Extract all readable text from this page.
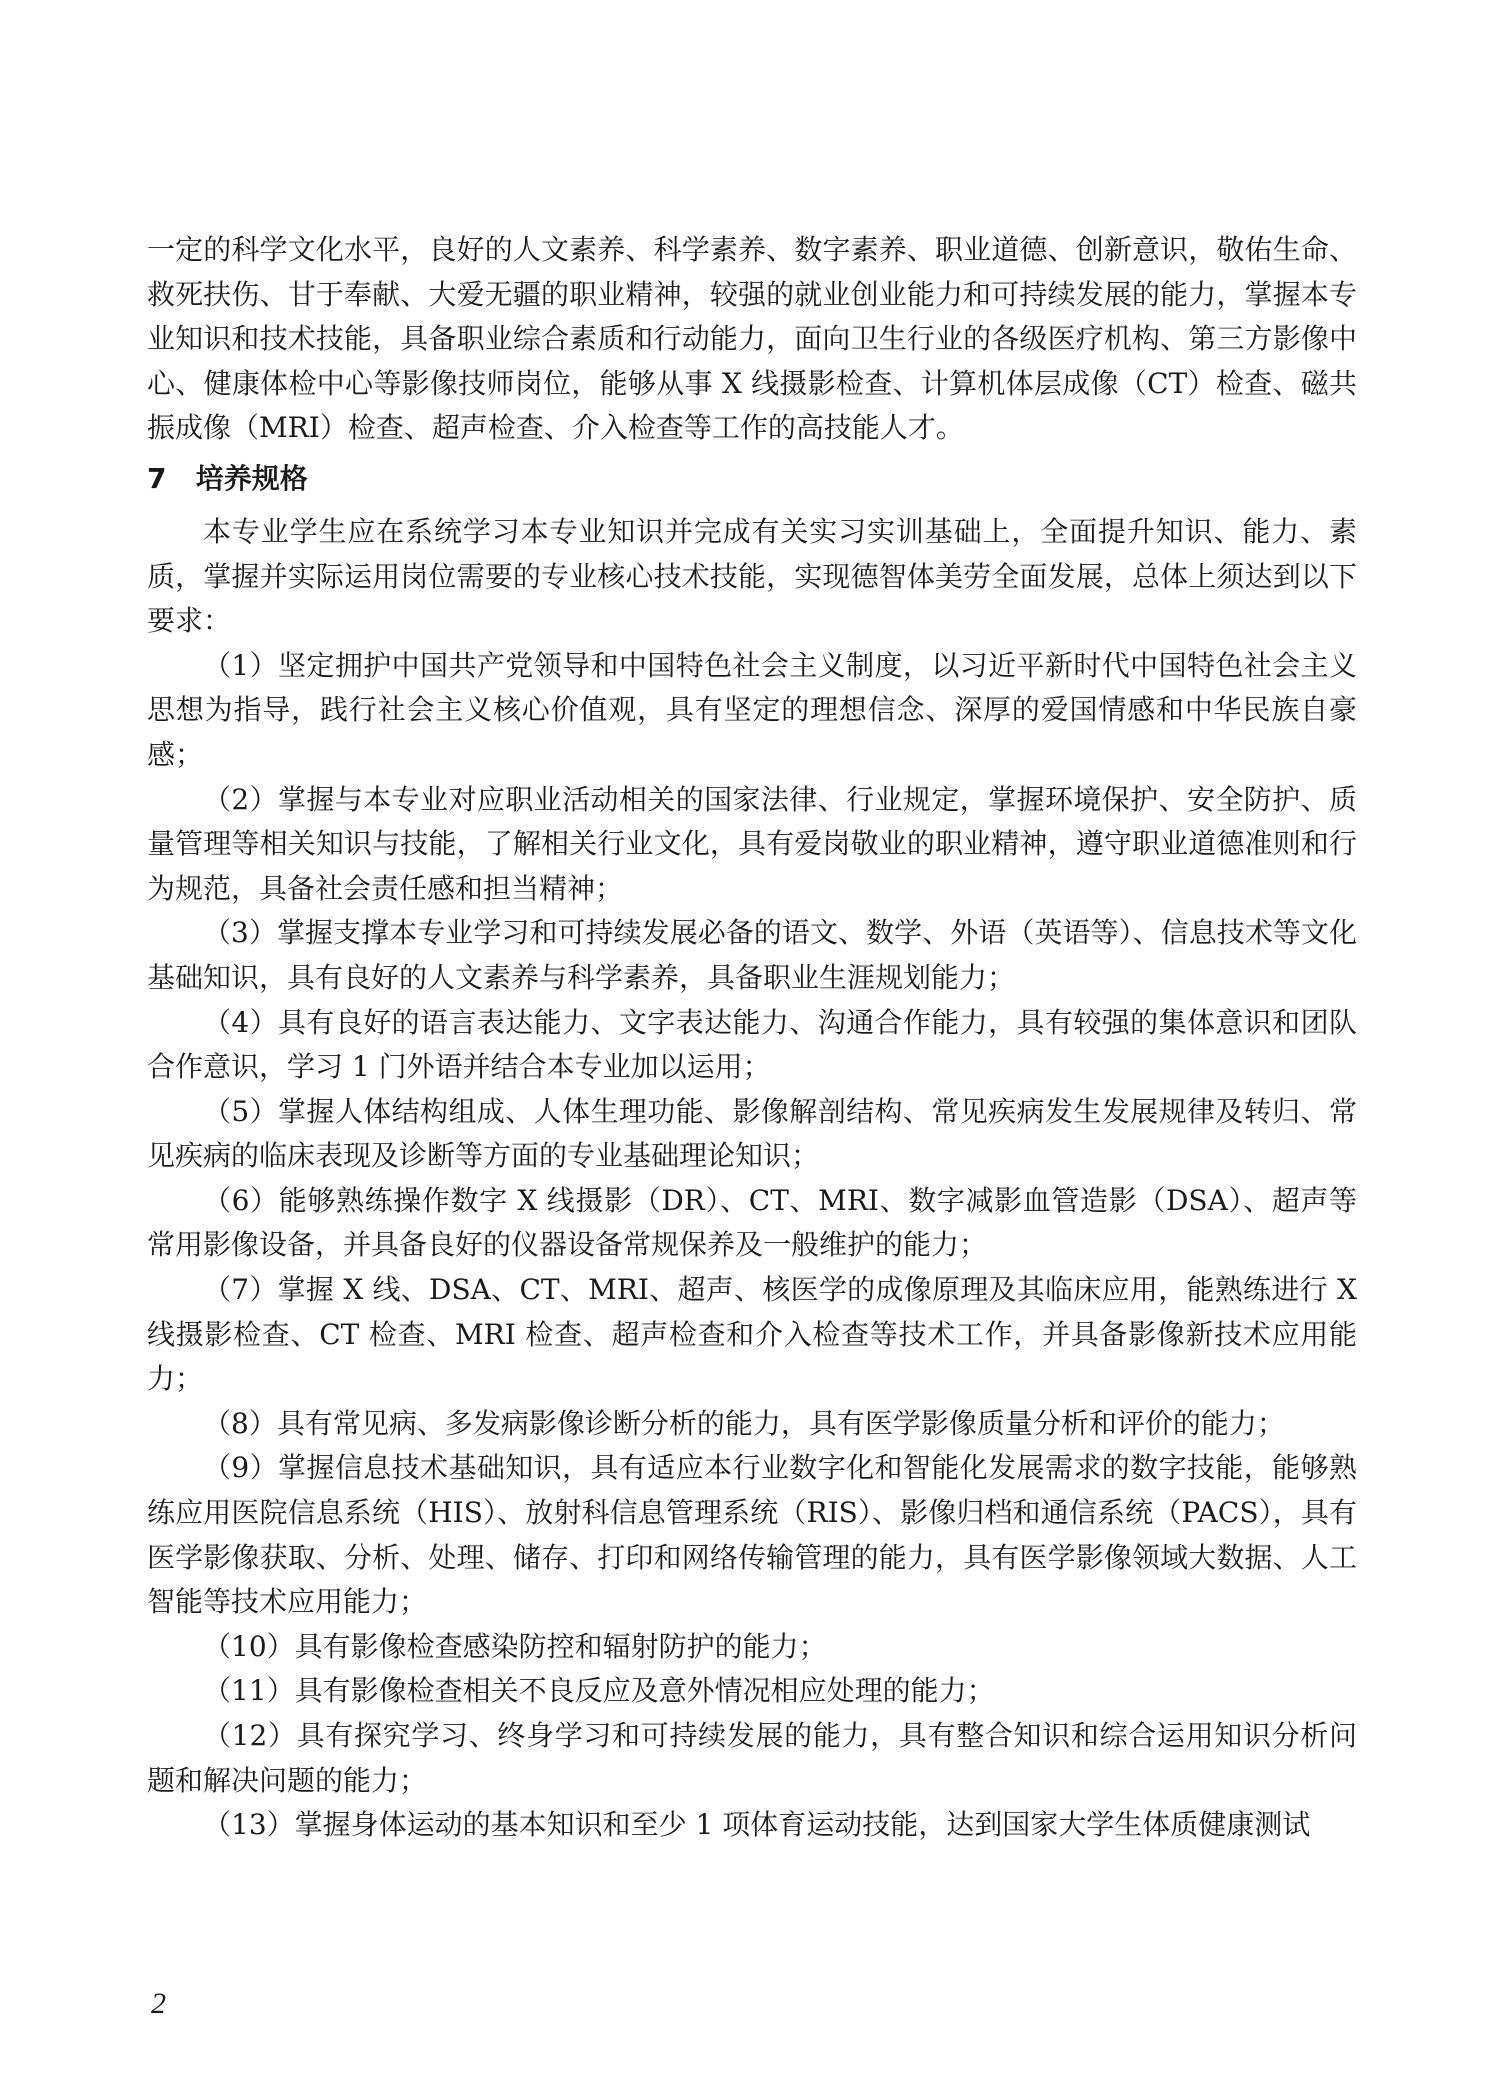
一定的科学文化水平，良好的人文素养、科学素养、数字素养、职业道德、创新意识，敬佑生命、救死扶伤、甘于奉献、大爱无疆的职业精神，较强的就业创业能力和可持续发展的能力，掌握本专业知识和技术技能，具备职业综合素质和行动能力，面向卫生行业的各级医疗机构、第三方影像中心、健康体检中心等影像技师岗位，能够从事 X 线摄影检查、计算机体层成像（CT）检查、磁共振成像（MRI）检查、超声检查、介入检查等工作的高技能人才。

7 培养规格

本专业学生应在系统学习本专业知识并完成有关实习实训基础上，全面提升知识、能力、素质，掌握并实际运用岗位需要的专业核心技术技能，实现德智体美劳全面发展，总体上须达到以下要求：

（1）坚定拥护中国共产党领导和中国特色社会主义制度，以习近平新时代中国特色社会主义思想为指导，践行社会主义核心价值观，具有坚定的理想信念、深厚的爱国情感和中华民族自豪感；

（2）掌握与本专业对应职业活动相关的国家法律、行业规定，掌握环境保护、安全防护、质量管理等相关知识与技能，了解相关行业文化，具有爱岗敬业的职业精神，遵守职业道德准则和行为规范，具备社会责任感和担当精神；

（3）掌握支撑本专业学习和可持续发展必备的语文、数学、外语（英语等）、信息技术等文化基础知识，具有良好的人文素养与科学素养，具备职业生涯规划能力；

（4）具有良好的语言表达能力、文字表达能力、沟通合作能力，具有较强的集体意识和团队合作意识，学习 1 门外语并结合本专业加以运用；

（5）掌握人体结构组成、人体生理功能、影像解剖结构、常见疾病发生发展规律及转归、常见疾病的临床表现及诊断等方面的专业基础理论知识；

（6）能够熟练操作数字 X 线摄影（DR）、CT、MRI、数字减影血管造影（DSA）、超声等常用影像设备，并具备良好的仪器设备常规保养及一般维护的能力；

（7）掌握 X 线、DSA、CT、MRI、超声、核医学的成像原理及其临床应用，能熟练进行 X 线摄影检查、CT 检查、MRI 检查、超声检查和介入检查等技术工作，并具备影像新技术应用能力；

（8）具有常见病、多发病影像诊断分析的能力，具有医学影像质量分析和评价的能力；

（9）掌握信息技术基础知识，具有适应本行业数字化和智能化发展需求的数字技能，能够熟练应用医院信息系统（HIS）、放射科信息管理系统（RIS）、影像归档和通信系统（PACS），具有医学影像获取、分析、处理、储存、打印和网络传输管理的能力，具有医学影像领域大数据、人工智能等技术应用能力；

（10）具有影像检查感染防控和辐射防护的能力；

（11）具有影像检查相关不良反应及意外情况相应处理的能力；

（12）具有探究学习、终身学习和可持续发展的能力，具有整合知识和综合运用知识分析问题和解决问题的能力；

（13）掌握身体运动的基本知识和至少 1 项体育运动技能，达到国家大学生体质健康测试

2
